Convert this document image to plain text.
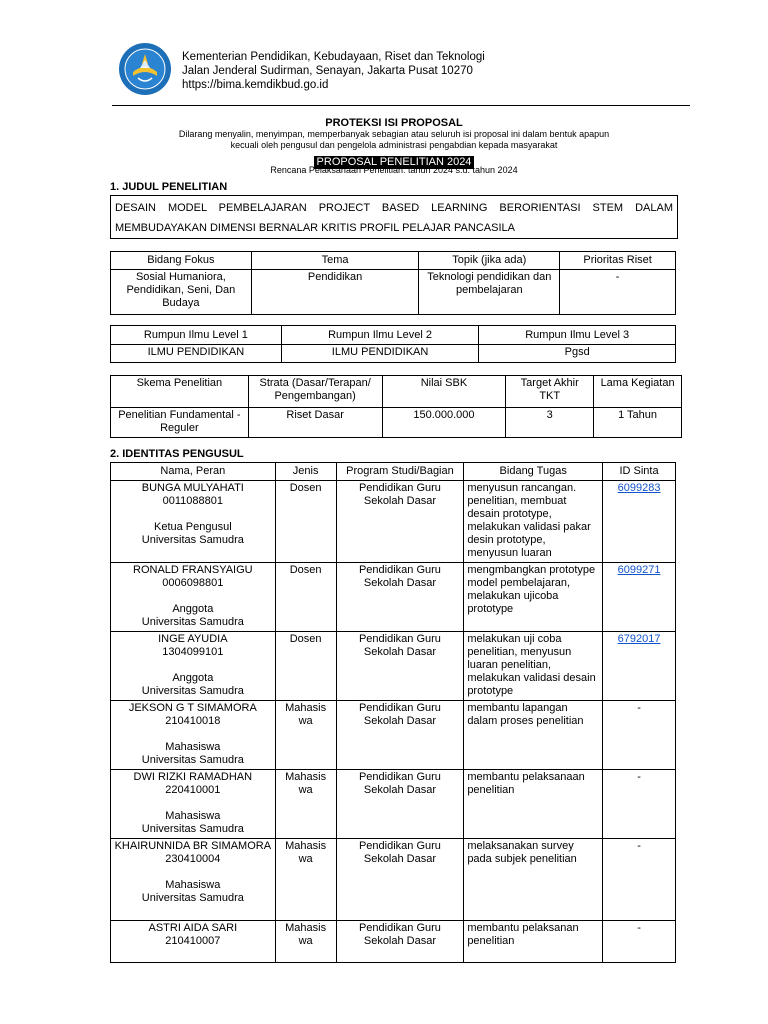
Kementerian Pendidikan, Kebudayaan, Riset dan Teknologi
Jalan Jenderal Sudirman, Senayan, Jakarta Pusat 10270
https://bima.kemdikbud.go.id
PROTEKSI ISI PROPOSAL
Dilarang menyalin, menyimpan, memperbanyak sebagian atau seluruh isi proposal ini dalam bentuk apapun
kecuali oleh pengusul dan pengelola administrasi pengabdian kepada masyarakat
PROPOSAL PENELITIAN 2024
Rencana Pelaksanaan Penelitian: tahun 2024 s.d. tahun 2024
1. JUDUL PENELITIAN
DESAIN MODEL PEMBELAJARAN PROJECT BASED LEARNING BERORIENTASI STEM DALAM MEMBUDAYAKAN DIMENSI BERNALAR KRITIS PROFIL PELAJAR PANCASILA
Bidang Fokus	Tema	Topik (jika ada)	Prioritas Riset
Sosial Humaniora, Pendidikan, Seni, Dan Budaya	Pendidikan	Teknologi pendidikan dan pembelajaran	-
Rumpun Ilmu Level 1	Rumpun Ilmu Level 2	Rumpun Ilmu Level 3
ILMU PENDIDIKAN	ILMU PENDIDIKAN	Pgsd
Skema Penelitian	Strata (Dasar/Terapan/ Pengembangan)	Nilai SBK	Target Akhir TKT	Lama Kegiatan
Penelitian Fundamental - Reguler	Riset Dasar	150.000.000	3	1 Tahun
2. IDENTITAS PENGUSUL
Nama, Peran	Jenis	Program Studi/Bagian	Bidang Tugas	ID Sinta

BUNGA MULYAHATI
0011088801
Ketua Pengusul
Universitas Samudra	Dosen	Pendidikan Guru Sekolah Dasar	menyusun rancangan. penelitian, membuat desain prototype, melakukan validasi pakar desin prototype, menyusun luaran	6099283

RONALD FRANSYAIGU
0006098801
Anggota
Universitas Samudra	Dosen	Pendidikan Guru Sekolah Dasar	mengmbangkan prototype model pembelajaran, melakukan ujicoba prototype	6099271

INGE AYUDIA
1304099101
Anggota
Universitas Samudra	Dosen	Pendidikan Guru Sekolah Dasar	melakukan uji coba penelitian, menyusun luaran penelitian, melakukan validasi desain prototype	6792017

JEKSON G T SIMAMORA
210410018
Mahasiswa
Universitas Samudra	Mahasis wa	Pendidikan Guru Sekolah Dasar	membantu lapangan dalam proses penelitian	-

DWI RIZKI RAMADHAN
220410001
Mahasiswa
Universitas Samudra	Mahasis wa	Pendidikan Guru Sekolah Dasar	membantu pelaksanaan penelitian	-

KHAIRUNNIDA BR SIMAMORA
230410004
Mahasiswa
Universitas Samudra	Mahasis wa	Pendidikan Guru Sekolah Dasar	melaksanakan survey pada subjek penelitian	-

ASTRI AIDA SARI
210410007	Mahasis wa	Pendidikan Guru Sekolah Dasar	membantu pelaksanan penelitian	-
